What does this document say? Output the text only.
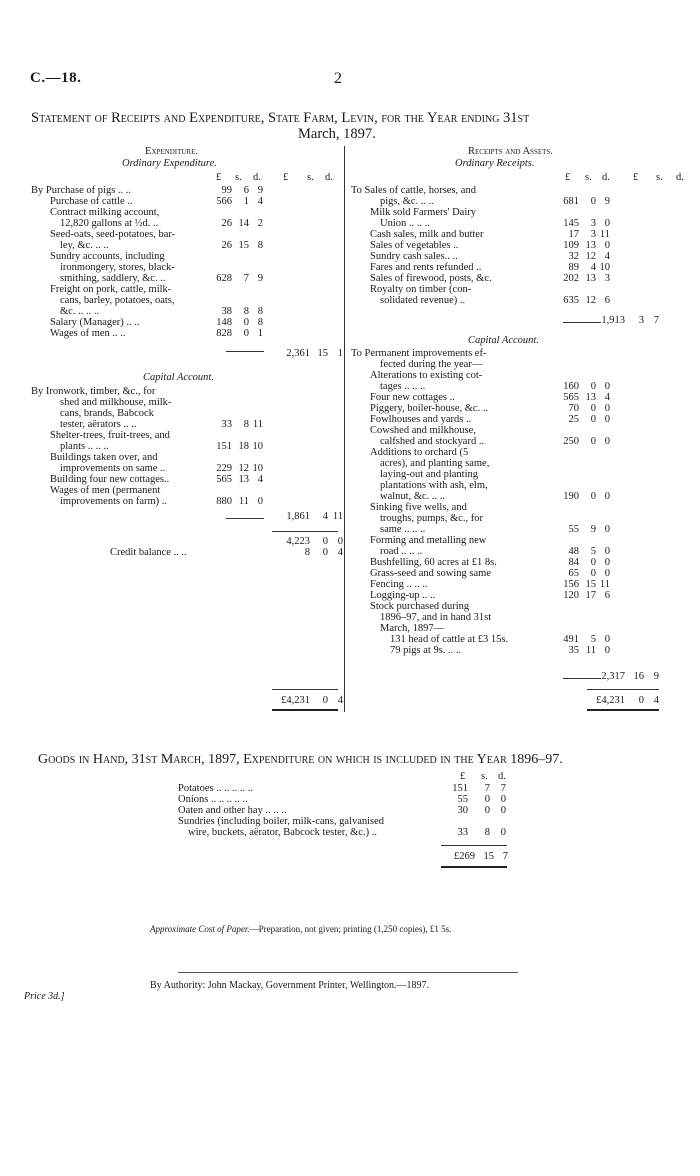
C.—18.	2
Statement of Receipts and Expenditure, State Farm, Levin, for the Year ending 31st
March, 1897.
Expenditure.
Ordinary Expenditure.
£ s. d. £ s. d.
By Purchase of pigs .. ..	99	6 9
Purchase of cattle ..	566	1 4
Contract milking account,
12,820 gallons at ½d. ..	26 14 2
Seed-oats, seed-potatoes, bar-
ley, &c. .. ..	26 15 8
Sundry accounts, including
ironmongery, stores, black-
smithing, saddlery, &c. ..	628	7 9
Freight on pork, cattle, milk-
cans, barley, potatoes, oats,
&c. .. .. ..	38	8 8
Salary (Manager) .. ..	148	0 8
Wages of men .. ..	828	0 1
2,361 15 1
Capital Account.
By Ironwork, timber, &c., for
shed and milkhouse, milk-
cans, brands, Babcock
tester, aërators .. ..	33	8 11
Shelter-trees, fruit-trees, and
plants .. .. ..	151 18 10
Buildings taken over, and
improvements on same ..	229 12 10
Building four new cottages..	565 13 4
Wages of men (permanent
improvements on farm) ..	880 11 0
1,861	4 11
4,223	0 0
Credit balance .. ..	8	0 4
£4,231	0 4
Receipts and Assets.
Ordinary Receipts.
£ s. d. £ s. d.
To Sales of cattle, horses, and
pigs, &c. .. ..	681	0 9
Milk sold Farmers' Dairy
Union .. .. ..	145	3 0
Cash sales, milk and butter	17	3 11
Sales of vegetables ..	109 13 0
Sundry cash sales.. ..	32 12 4
Fares and rents refunded ..	89	4 10
Sales of firewood, posts, &c.	202 13 3
Royalty on timber (con-
solidated revenue) ..	635 12 6
1,913	3 7
Capital Account.
To Permanent improvements ef-
fected during the year—
Alterations to existing cot-
tages .. .. ..	160	0 0
Four new cottages ..	565 13 4
Piggery, boiler-house, &c. ..	70	0 0
Fowlhouses and yards ..	25	0 0
Cowshed and milkhouse,
calfshed and stockyard ..	250	0 0
Additions to orchard (5
acres), and planting same,
laying-out and planting
plantations with ash, elm,
walnut, &c. .. ..	190	0 0
Sinking five wells, and
troughs, pumps, &c., for
same .. .. ..	55	9 0
Forming and metalling new
road .. .. ..	48	5 0
Bushfelling, 60 acres at £1 8s.	84	0 0
Grass-seed and sowing same	65	0 0
Fencing .. .. ..	156 15 11
Logging-up .. ..	120 17 6
Stock purchased during
1896–97, and in hand 31st
March, 1897—
131 head of cattle at £3 15s.	491	5 0
79 pigs at 9s. .. ..	35 11 0
2,317 16 9
£4,231	0 4
Goods in Hand, 31st March, 1897, Expenditure on which is included in the Year 1896–97.
£ s. d.
Potatoes .. .. .. .. ..	151	7	7
Onions .. .. .. .. ..	55	0	0
Oaten and other hay .. .. ..	30	0	0
Sundries (including boiler, milk-cans, galvanised
wire, buckets, aërator, Babcock tester, &c.) ..	33	8	0
£269 15 7
Approximate Cost of Paper.—Preparation, not given; printing (1,250 copies), £1 5s.
By Authority: John Mackay, Government Printer, Wellington.—1897.
Price 3d.]
